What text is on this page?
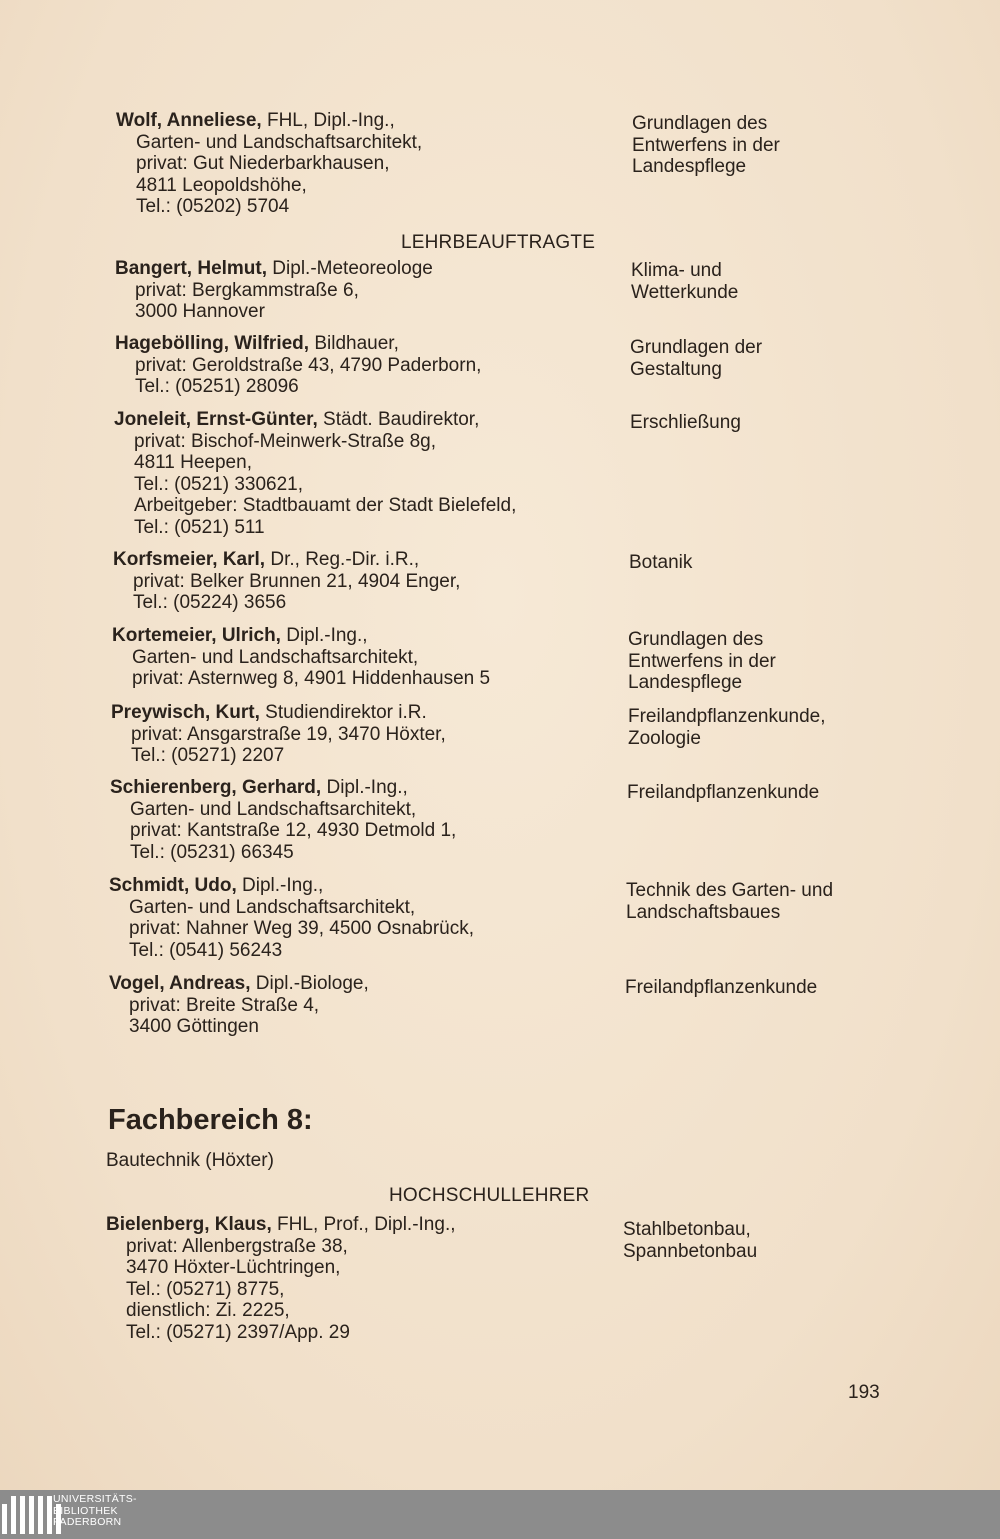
Wolf, Anneliese, FHL, Dipl.-Ing.,
Garten- und Landschaftsarchitekt,
privat: Gut Niederbarkhausen,
4811 Leopoldshöhe,
Tel.: (05202) 5704
Grundlagen des
Entwerfens in der
Landespflege
LEHRBEAUFTRAGTE
Bangert, Helmut, Dipl.-Meteoreologe
privat: Bergkammstraße 6,
3000 Hannover
Klima- und
Wetterkunde
Hagebölling, Wilfried, Bildhauer,
privat: Geroldstraße 43, 4790 Paderborn,
Tel.: (05251) 28096
Grundlagen der
Gestaltung
Joneleit, Ernst-Günter, Städt. Baudirektor,
privat: Bischof-Meinwerk-Straße 8g,
4811 Heepen,
Tel.: (0521) 330621,
Arbeitgeber: Stadtbauamt der Stadt Bielefeld,
Tel.: (0521) 511
Erschließung
Korfsmeier, Karl, Dr., Reg.-Dir. i.R.,
privat: Belker Brunnen 21, 4904 Enger,
Tel.: (05224) 3656
Botanik
Kortemeier, Ulrich, Dipl.-Ing.,
Garten- und Landschaftsarchitekt,
privat: Asternweg 8, 4901 Hiddenhausen 5
Grundlagen des
Entwerfens in der
Landespflege
Preywisch, Kurt, Studiendirektor i.R.
privat: Ansgarstraße 19, 3470 Höxter,
Tel.: (05271) 2207
Freilandpflanzenkunde,
Zoologie
Schierenberg, Gerhard, Dipl.-Ing.,
Garten- und Landschaftsarchitekt,
privat: Kantstraße 12, 4930 Detmold 1,
Tel.: (05231) 66345
Freilandpflanzenkunde
Schmidt, Udo, Dipl.-Ing.,
Garten- und Landschaftsarchitekt,
privat: Nahner Weg 39, 4500 Osnabrück,
Tel.: (0541) 56243
Technik des Garten- und
Landschaftsbaues
Vogel, Andreas, Dipl.-Biologe,
privat: Breite Straße 4,
3400 Göttingen
Freilandpflanzenkunde
Fachbereich 8:
Bautechnik (Höxter)
HOCHSCHULLEHRER
Bielenberg, Klaus, FHL, Prof., Dipl.-Ing.,
privat: Allenbergstraße 38,
3470 Höxter-Lüchtringen,
Tel.: (05271) 8775,
dienstlich: Zi. 2225,
Tel.: (05271) 2397/App. 29
Stahlbetonbau,
Spannbetonbau
193
UNIVERSITÄTS-
BIBLIOTHEK
PADERBORN
